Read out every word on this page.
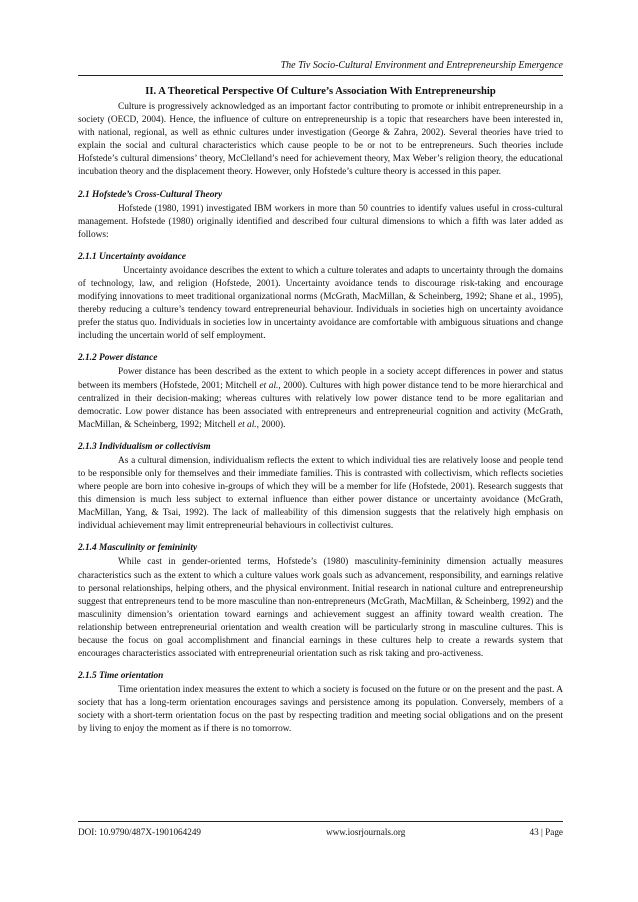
The Tiv Socio-Cultural Environment and Entrepreneurship Emergence
II. A Theoretical Perspective Of Culture’s Association With Entrepreneurship

Culture is progressively acknowledged as an important factor contributing to promote or inhibit entrepreneurship in a society (OECD, 2004). Hence, the influence of culture on entrepreneurship is a topic that researchers have been interested in, with national, regional, as well as ethnic cultures under investigation (George & Zahra, 2002). Several theories have tried to explain the social and cultural characteristics which cause people to be or not to be entrepreneurs. Such theories include Hofstede’s cultural dimensions’ theory, McClelland’s need for achievement theory, Max Weber’s religion theory, the educational incubation theory and the displacement theory. However, only Hofstede’s culture theory is accessed in this paper.

2.1 Hofstede’s Cross-Cultural Theory

Hofstede (1980, 1991) investigated IBM workers in more than 50 countries to identify values useful in cross-cultural management. Hofstede (1980) originally identified and described four cultural dimensions to which a fifth was later added as follows:

2.1.1 Uncertainty avoidance

Uncertainty avoidance describes the extent to which a culture tolerates and adapts to uncertainty through the domains of technology, law, and religion (Hofstede, 2001). Uncertainty avoidance tends to discourage risk-taking and encourage modifying innovations to meet traditional organizational norms (McGrath, MacMillan, & Scheinberg, 1992; Shane et al., 1995), thereby reducing a culture’s tendency toward entrepreneurial behaviour. Individuals in societies high on uncertainty avoidance prefer the status quo. Individuals in societies low in uncertainty avoidance are comfortable with ambiguous situations and change including the uncertain world of self employment.

2.1.2 Power distance

Power distance has been described as the extent to which people in a society accept differences in power and status between its members (Hofstede, 2001; Mitchell et al., 2000). Cultures with high power distance tend to be more hierarchical and centralized in their decision-making; whereas cultures with relatively low power distance tend to be more egalitarian and democratic. Low power distance has been associated with entrepreneurs and entrepreneurial cognition and activity (McGrath, MacMillan, & Scheinberg, 1992; Mitchell et al., 2000).

2.1.3 Individualism or collectivism

As a cultural dimension, individualism reflects the extent to which individual ties are relatively loose and people tend to be responsible only for themselves and their immediate families. This is contrasted with collectivism, which reflects societies where people are born into cohesive in-groups of which they will be a member for life (Hofstede, 2001). Research suggests that this dimension is much less subject to external influence than either power distance or uncertainty avoidance (McGrath, MacMillan, Yang, & Tsai, 1992). The lack of malleability of this dimension suggests that the relatively high emphasis on individual achievement may limit entrepreneurial behaviours in collectivist cultures.

2.1.4 Masculinity or femininity

While cast in gender-oriented terms, Hofstede’s (1980) masculinity-femininity dimension actually measures characteristics such as the extent to which a culture values work goals such as advancement, responsibility, and earnings relative to personal relationships, helping others, and the physical environment. Initial research in national culture and entrepreneurship suggest that entrepreneurs tend to be more masculine than non-entrepreneurs (McGrath, MacMillan, & Scheinberg, 1992) and the masculinity dimension’s orientation toward earnings and achievement suggest an affinity toward wealth creation. The relationship between entrepreneurial orientation and wealth creation will be particularly strong in masculine cultures. This is because the focus on goal accomplishment and financial earnings in these cultures help to create a rewards system that encourages characteristics associated with entrepreneurial orientation such as risk taking and pro-activeness.

2.1.5 Time orientation

Time orientation index measures the extent to which a society is focused on the future or on the present and the past. A society that has a long-term orientation encourages savings and persistence among its population. Conversely, members of a society with a short-term orientation focus on the past by respecting tradition and meeting social obligations and on the present by living to enjoy the moment as if there is no tomorrow.

DOI: 10.9790/487X-1901064249	www.iosrjournals.org	43 | Page
